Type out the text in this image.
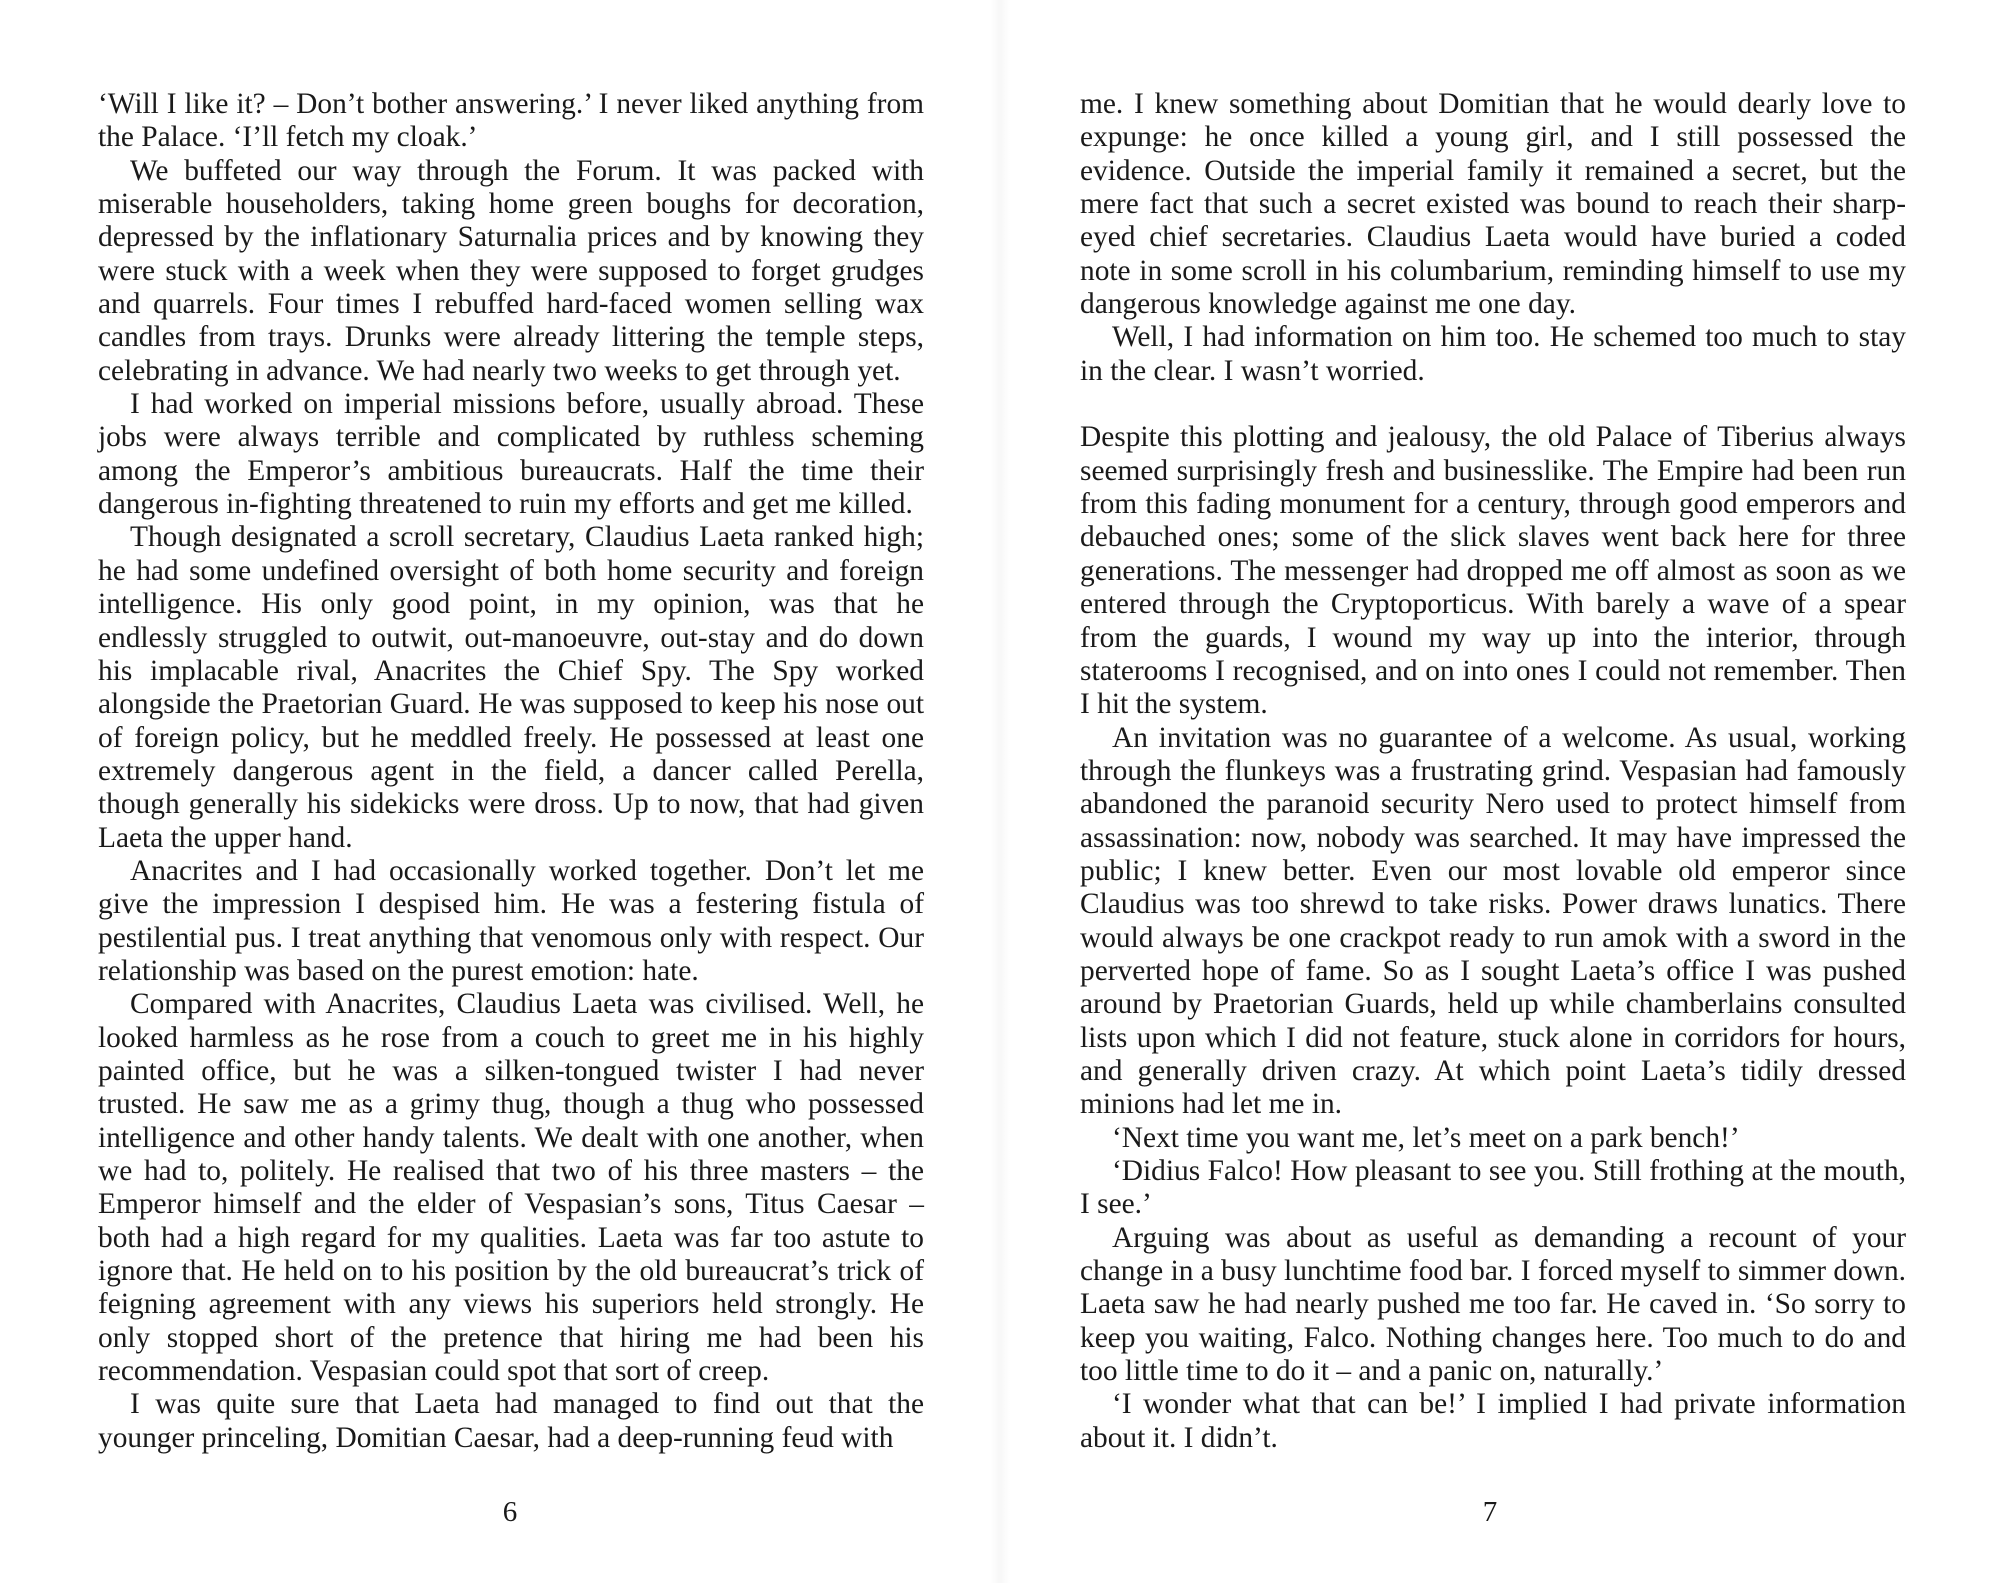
‘Will I like it? – Don’t bother answering.’ I never liked anything from the Palace. ‘I’ll fetch my cloak.’

We buffeted our way through the Forum. It was packed with miserable householders, taking home green boughs for decoration, depressed by the inflationary Saturnalia prices and by knowing they were stuck with a week when they were supposed to forget grudges and quarrels. Four times I rebuffed hard-faced women selling wax candles from trays. Drunks were already littering the temple steps, celebrating in advance. We had nearly two weeks to get through yet.

I had worked on imperial missions before, usually abroad. These jobs were always terrible and complicated by ruthless scheming among the Emperor’s ambitious bureaucrats. Half the time their dangerous in-fighting threatened to ruin my efforts and get me killed.

Though designated a scroll secretary, Claudius Laeta ranked high; he had some undefined oversight of both home security and foreign intelligence. His only good point, in my opinion, was that he endlessly struggled to outwit, out-manoeuvre, out-stay and do down his implacable rival, Anacrites the Chief Spy. The Spy worked alongside the Praetorian Guard. He was supposed to keep his nose out of foreign policy, but he meddled freely. He possessed at least one extremely dangerous agent in the field, a dancer called Perella, though generally his sidekicks were dross. Up to now, that had given Laeta the upper hand.

Anacrites and I had occasionally worked together. Don’t let me give the impression I despised him. He was a festering fistula of pestilential pus. I treat anything that venomous only with respect. Our relationship was based on the purest emotion: hate.

Compared with Anacrites, Claudius Laeta was civilised. Well, he looked harmless as he rose from a couch to greet me in his highly painted office, but he was a silken-tongued twister I had never trusted. He saw me as a grimy thug, though a thug who possessed intelligence and other handy talents. We dealt with one another, when we had to, politely. He realised that two of his three masters – the Emperor himself and the elder of Vespasian’s sons, Titus Caesar – both had a high regard for my qualities. Laeta was far too astute to ignore that. He held on to his position by the old bureaucrat’s trick of feigning agreement with any views his superiors held strongly. He only stopped short of the pretence that hiring me had been his recommendation. Vespasian could spot that sort of creep.

I was quite sure that Laeta had managed to find out that the younger princeling, Domitian Caesar, had a deep-running feud with

6

me. I knew something about Domitian that he would dearly love to expunge: he once killed a young girl, and I still possessed the evidence. Outside the imperial family it remained a secret, but the mere fact that such a secret existed was bound to reach their sharp-eyed chief secretaries. Claudius Laeta would have buried a coded note in some scroll in his columbarium, reminding himself to use my dangerous knowledge against me one day.

Well, I had information on him too. He schemed too much to stay in the clear. I wasn’t worried.

Despite this plotting and jealousy, the old Palace of Tiberius always seemed surprisingly fresh and businesslike. The Empire had been run from this fading monument for a century, through good emperors and debauched ones; some of the slick slaves went back here for three generations. The messenger had dropped me off almost as soon as we entered through the Cryptoporticus. With barely a wave of a spear from the guards, I wound my way up into the interior, through staterooms I recognised, and on into ones I could not remember. Then I hit the system.

An invitation was no guarantee of a welcome. As usual, working through the flunkeys was a frustrating grind. Vespasian had famously abandoned the paranoid security Nero used to protect himself from assassination: now, nobody was searched. It may have impressed the public; I knew better. Even our most lovable old emperor since Claudius was too shrewd to take risks. Power draws lunatics. There would always be one crackpot ready to run amok with a sword in the perverted hope of fame. So as I sought Laeta’s office I was pushed around by Praetorian Guards, held up while chamberlains consulted lists upon which I did not feature, stuck alone in corridors for hours, and generally driven crazy. At which point Laeta’s tidily dressed minions had let me in.

‘Next time you want me, let’s meet on a park bench!’

‘Didius Falco! How pleasant to see you. Still frothing at the mouth, I see.’

Arguing was about as useful as demanding a recount of your change in a busy lunchtime food bar. I forced myself to simmer down. Laeta saw he had nearly pushed me too far. He caved in. ‘So sorry to keep you waiting, Falco. Nothing changes here. Too much to do and too little time to do it – and a panic on, naturally.’

‘I wonder what that can be!’ I implied I had private information about it. I didn’t.

7
